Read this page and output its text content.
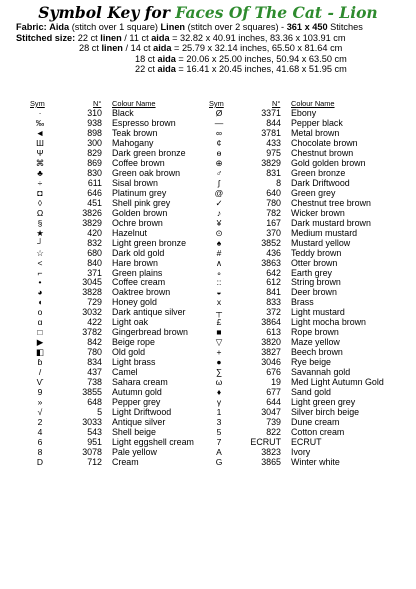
Symbol Key for Faces Of The Cat - Lion
Fabric: Aida (stitch over 1 square) Linen (stitch over 2 squares) - 361 x 450 Stitches
Stitched size: 22 ct linen / 11 ct aida = 32.82 x 40.91 inches, 83.36 x 103.91 cm
28 ct linen / 14 ct aida = 25.79 x 32.14 inches, 65.50 x 81.64 cm
18 ct aida = 20.06 x 25.00 inches, 50.94 x 63.50 cm
22 ct aida = 16.41 x 20.45 inches, 41.68 x 51.95 cm
Sym	N° Colour Name
·	310 Black
‰	938 Espresso brown
◄	898 Teak brown
Ш	300 Mahogany
Ψ	829 Dark green bronze
⌘	869 Coffee brown
♣	830 Green oak brown
÷	611 Sisal brown
◘	646 Platinum grey
◊	451 Shell pink grey
Ω	3826 Golden brown
§	3829 Ochre brown
★	420 Hazelnut
┘	832 Light green bronze
☆	680 Dark old gold
<	840 Hare brown
⌐	371 Green plains
•	3045 Coffee cream
◕	3828 Oaktree brown
◖	729 Honey gold
o	3032 Dark antique silver
ɑ	422 Light oak
□	3782 Gingerbread brown
▶	842 Beige rope
◧	780 Old gold
ɓ	834 Light brass
/	437 Camel
Ѵ	738 Sahara cream
9	3855 Autumn gold
»	648 Pepper grey
√	5 Light Driftwood
2	3033 Antique silver
4	543 Shell beige
6	951 Light eggshell cream
8	3078 Pale yellow
D	712 Cream
Sym	N° Colour Name
Ø	3371 Ebony
—	844 Pepper black
∞	3781 Metal brown
¢	433 Chocolate brown
ɵ	975 Chestnut brown
⊕	3829 Gold golden brown
♂	831 Green bronze
ʃ	8 Dark Driftwood
@	640 Green grey
✓	780 Chestnut tree brown
♪	782 Wicker brown
¥	167 Dark mustard brown
⊙	370 Medium mustard
♠	3852 Mustard yellow
#	436 Teddy brown
∧	3863 Otter brown
∘	642 Earth grey
::	612 String brown
◒	841 Deer brown
x	833 Brass
┬	372 Light mustard
£	3864 Light mocha brown
■	613 Rope brown
▽	3820 Maze yellow
+	3827 Beech brown
●	3046 Rye beige
∑	676 Savannah gold
ω	19 Med Light Autumn Gold
♦	677 Sand gold
γ	644 Light green grey
1	3047 Silver birch beige
3	739 Dune cream
5	822 Cotton cream
7	ECRUT ECRUT
A	3823 Ivory
G	3865 Winter white
